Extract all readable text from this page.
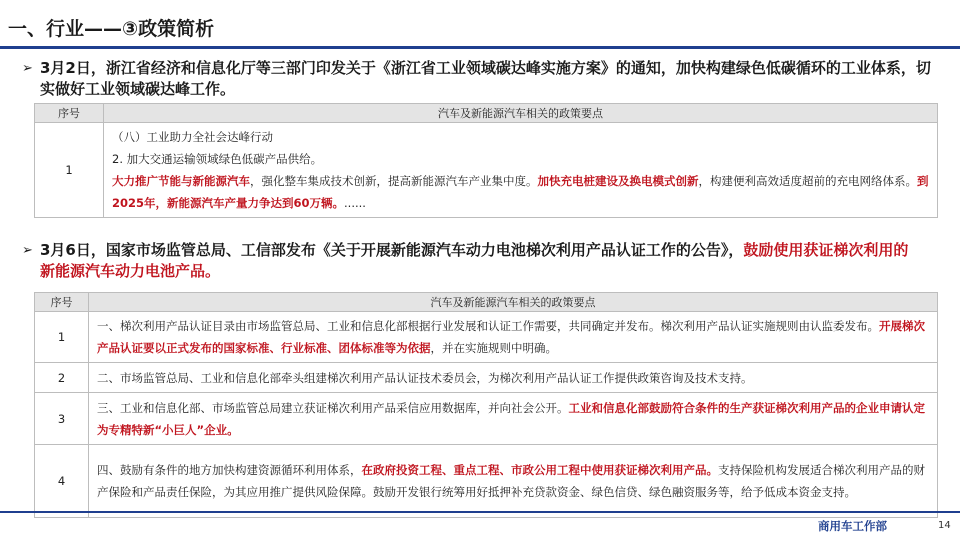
一、行业——③政策简析
➢ 3月2日，浙江省经济和信息化厅等三部门印发关于《浙江省工业领域碳达峰实施方案》的通知，加快构建绿色低碳循环的工业体系，切实做好工业领域碳达峰工作。
序号	汽车及新能源汽车相关的政策要点
1	（八）工业助力全社会达峰行动
2. 加大交通运输领域绿色低碳产品供给。
大力推广节能与新能源汽车，强化整车集成技术创新，提高新能源汽车产业集中度。加快充电桩建设及换电模式创新，构建便利高效适度超前的充电网络体系。到2025年，新能源汽车产量力争达到60万辆。......
➢ 3月6日，国家市场监管总局、工信部发布《关于开展新能源汽车动力电池梯次利用产品认证工作的公告》，鼓励使用获证梯次利用的新能源汽车动力电池产品。
序号	汽车及新能源汽车相关的政策要点
1	一、梯次利用产品认证目录由市场监管总局、工业和信息化部根据行业发展和认证工作需要，共同确定并发布。梯次利用产品认证实施规则由认监委发布。开展梯次产品认证要以正式发布的国家标准、行业标准、团体标准等为依据，并在实施规则中明确。
2	二、市场监管总局、工业和信息化部牵头组建梯次利用产品认证技术委员会，为梯次利用产品认证工作提供政策咨询及技术支持。
3	三、工业和信息化部、市场监管总局建立获证梯次利用产品采信应用数据库，并向社会公开。工业和信息化部鼓励符合条件的生产获证梯次利用产品的企业申请认定为专精特新“小巨人”企业。
4	四、鼓励有条件的地方加快构建资源循环利用体系，在政府投资工程、重点工程、市政公用工程中使用获证梯次利用产品。支持保险机构发展适合梯次利用产品的财产保险和产品责任保险，为其应用推广提供风险保障。鼓励开发银行统筹用好抵押补充贷款资金、绿色信贷、绿色融资服务等，给予低成本资金支持。
商用车工作部	14
